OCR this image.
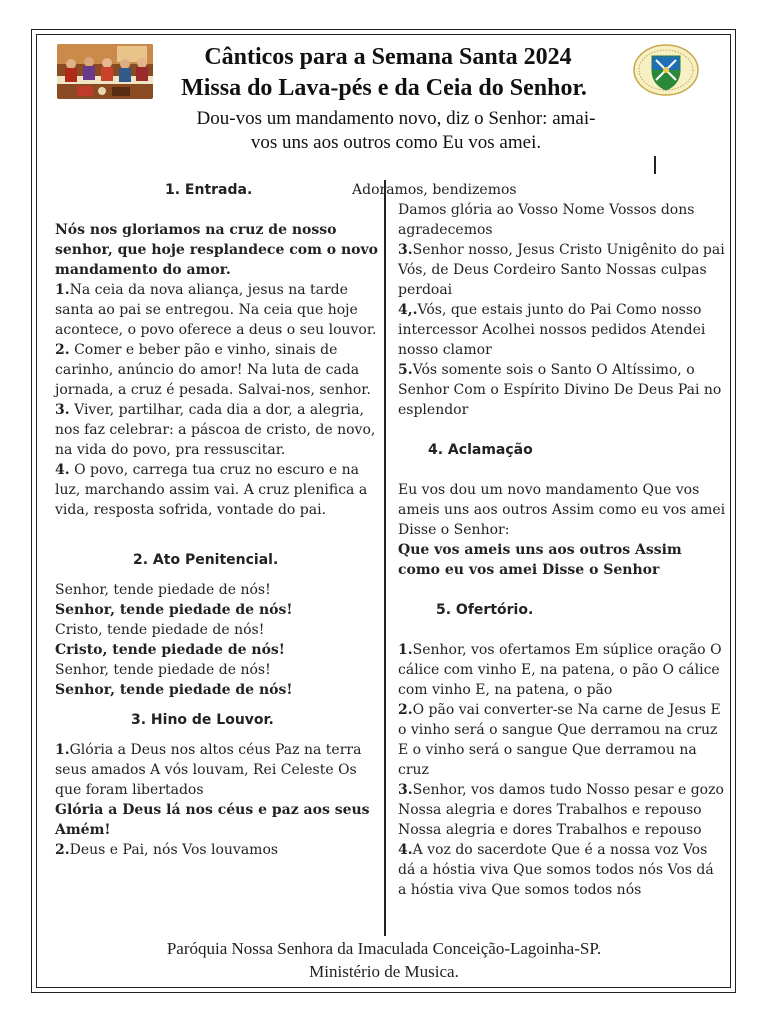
Cânticos para a Semana Santa 2024
Missa do Lava-pés e da Ceia do Senhor.
Dou-vos um mandamento novo, diz o Senhor: amai-
vos uns aos outros como Eu vos amei.

1. Entrada.

Nós nos gloriamos na cruz de nosso senhor, que hoje resplandece com o novo mandamento do amor.

1.Na ceia da nova aliança, jesus na tarde santa ao pai se entregou. Na ceia que hoje acontece, o povo oferece a deus o seu louvor.

2. Comer e beber pão e vinho, sinais de carinho, anúncio do amor! Na luta de cada jornada, a cruz é pesada. Salvai-nos, senhor.

3. Viver, partilhar, cada dia a dor, a alegria, nos faz celebrar: a páscoa de cristo, de novo, na vida do povo, pra ressuscitar.

4. O povo, carrega tua cruz no escuro e na luz, marchando assim vai. A cruz plenifica a vida, resposta sofrida, vontade do pai.

2. Ato Penitencial.

Senhor, tende piedade de nós!

Senhor, tende piedade de nós!

Cristo, tende piedade de nós!

Cristo, tende piedade de nós!

Senhor, tende piedade de nós!

Senhor, tende piedade de nós!

3. Hino de Louvor.

1.Glória a Deus nos altos céus Paz na terra seus amados A vós louvam, Rei Celeste Os que foram libertados

Glória a Deus lá nos céus e paz aos seus Amém!

2.Deus e Pai, nós Vos louvamos

Adoramos, bendizemos

Damos glória ao Vosso Nome Vossos dons agradecemos

3.Senhor nosso, Jesus Cristo Unigênito do pai Vós, de Deus Cordeiro Santo Nossas culpas perdoai

4,.Vós, que estais junto do Pai Como nosso intercessor Acolhei nossos pedidos Atendei nosso clamor

5.Vós somente sois o Santo O Altíssimo, o Senhor Com o Espírito Divino De Deus Pai no esplendor

4. Aclamação

Eu vos dou um novo mandamento Que vos ameis uns aos outros Assim como eu vos amei Disse o Senhor:

Que vos ameis uns aos outros Assim como eu vos amei Disse o Senhor

5. Ofertório.

1.Senhor, vos ofertamos Em súplice oração O cálice com vinho E, na patena, o pão O cálice com vinho E, na patena, o pão

2.O pão vai converter-se Na carne de Jesus E o vinho será o sangue Que derramou na cruz E o vinho será o sangue Que derramou na cruz

3.Senhor, vos damos tudo Nosso pesar e gozo Nossa alegria e dores Trabalhos e repouso Nossa alegria e dores Trabalhos e repouso

4.A voz do sacerdote Que é a nossa voz Vos dá a hóstia viva Que somos todos nós Vos dá a hóstia viva Que somos todos nós

Paróquia Nossa Senhora da Imaculada Conceição-Lagoinha-SP.
Ministério de Musica.
